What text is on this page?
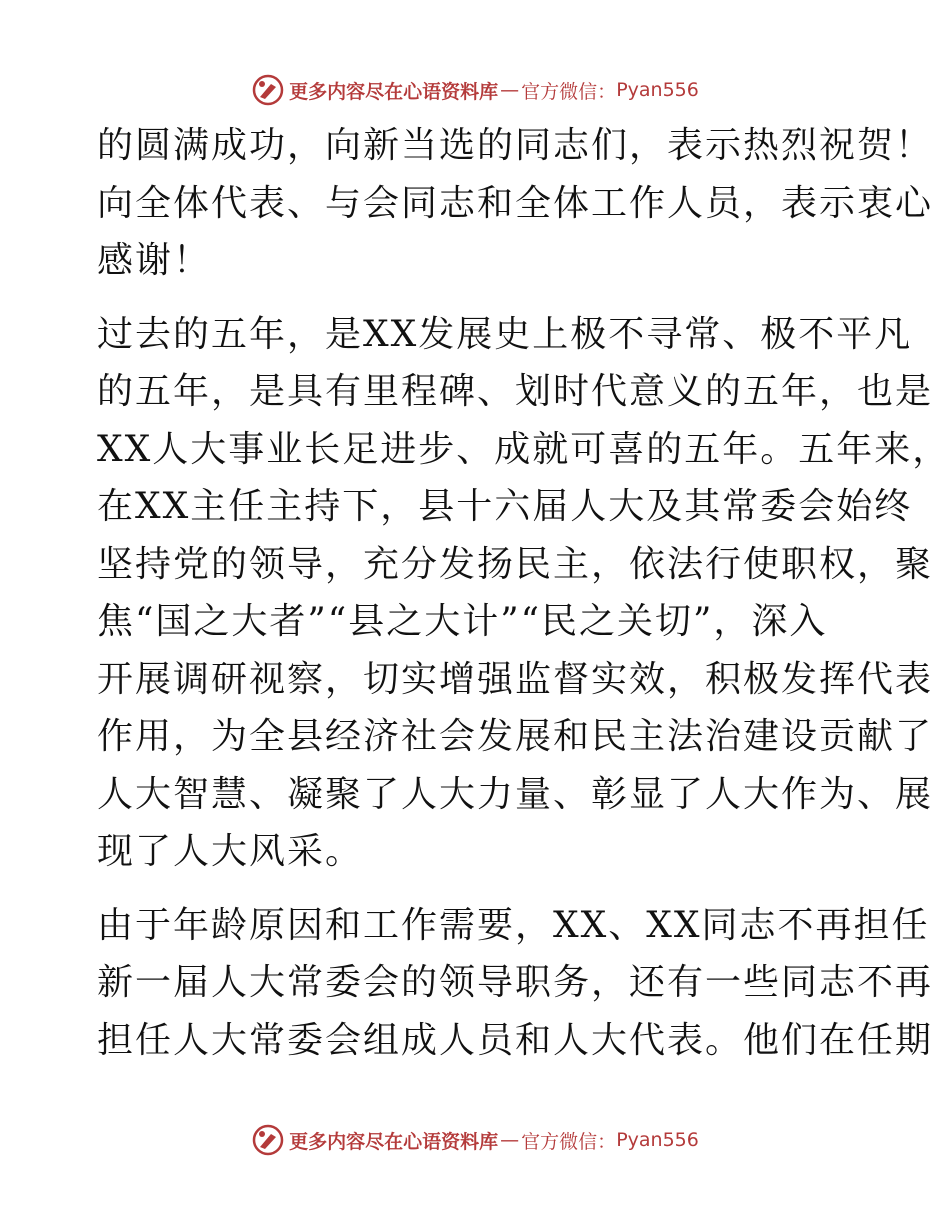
更多内容尽在心语资料库 — 官方微信： Pyan556
的圆满成功，向新当选的同志们，表示热烈祝贺！
向全体代表、与会同志和全体工作人员，表示衷心
感谢！
过去的五年，是XX发展史上极不寻常、极不平凡
的五年，是具有里程碑、划时代意义的五年，也是
XX人大事业长足进步、成就可喜的五年。五年来，
在XX主任主持下，县十六届人大及其常委会始终
坚持党的领导，充分发扬民主，依法行使职权，聚
焦“国之大者”“县之大计”“民之关切”，深入
开展调研视察，切实增强监督实效，积极发挥代表
作用，为全县经济社会发展和民主法治建设贡献了
人大智慧、凝聚了人大力量、彰显了人大作为、展
现了人大风采。
由于年龄原因和工作需要，XX、XX同志不再担任
新一届人大常委会的领导职务，还有一些同志不再
担任人大常委会组成人员和人大代表。他们在任期
更多内容尽在心语资料库 — 官方微信： Pyan556
